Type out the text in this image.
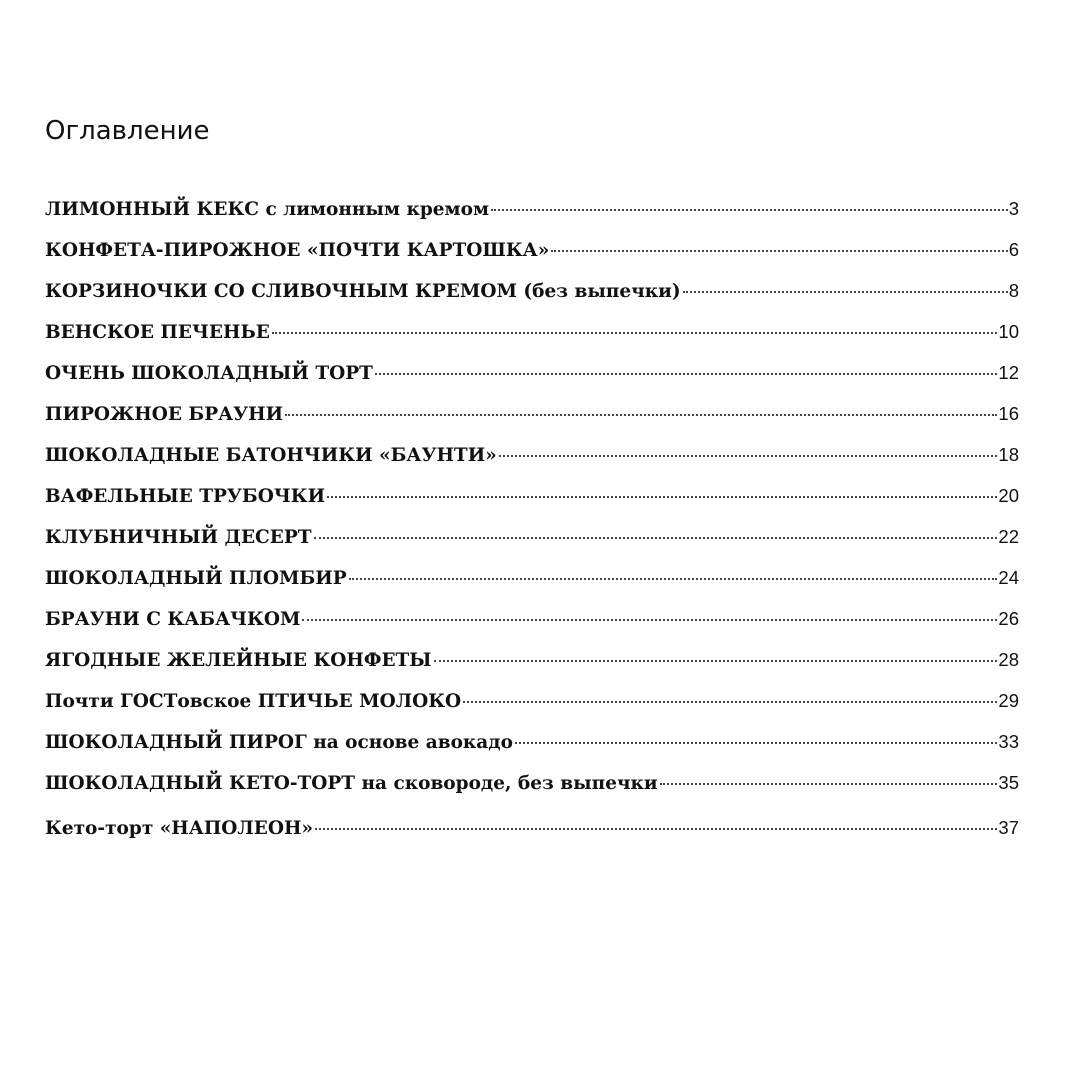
Оглавление
ЛИМОННЫЙ КЕКС с лимонным кремом	3
КОНФЕТА-ПИРОЖНОЕ «ПОЧТИ КАРТОШКА»	6
КОРЗИНОЧКИ СО СЛИВОЧНЫМ КРЕМОМ (без выпечки)	8
ВЕНСКОЕ ПЕЧЕНЬЕ	10
ОЧЕНЬ ШОКОЛАДНЫЙ ТОРТ	12
ПИРОЖНОЕ БРАУНИ	16
ШОКОЛАДНЫЕ БАТОНЧИКИ «БАУНТИ»	18
ВАФЕЛЬНЫЕ ТРУБОЧКИ	20
КЛУБНИЧНЫЙ ДЕСЕРТ	22
ШОКОЛАДНЫЙ ПЛОМБИР	24
БРАУНИ С КАБАЧКОМ	26
ЯГОДНЫЕ ЖЕЛЕЙНЫЕ КОНФЕТЫ	28
Почти ГОСТовское ПТИЧЬЕ МОЛОКО	29
ШОКОЛАДНЫЙ ПИРОГ на основе авокадо	33
ШОКОЛАДНЫЙ КЕТО-ТОРТ на сковороде, без выпечки	35
Кето-торт «НАПОЛЕОН»	37
